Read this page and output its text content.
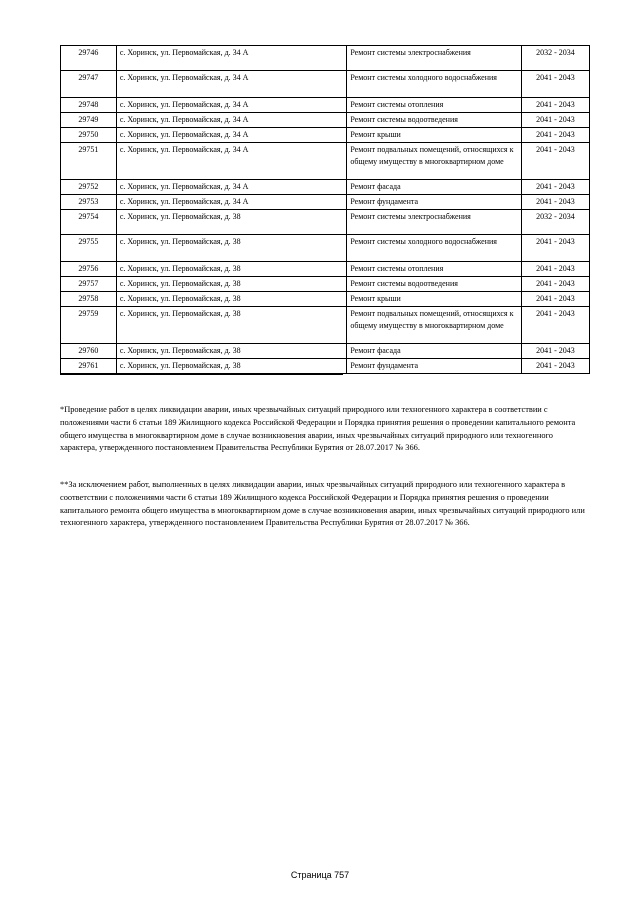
29746	с. Хоринск, ул. Первомайская, д. 34 А	Ремонт системы электроснабжения	2032 - 2034
29747	с. Хоринск, ул. Первомайская, д. 34 А	Ремонт системы холодного водоснабжения	2041 - 2043
29748	с. Хоринск, ул. Первомайская, д. 34 А	Ремонт системы отопления	2041 - 2043
29749	с. Хоринск, ул. Первомайская, д. 34 А	Ремонт системы водоотведения	2041 - 2043
29750	с. Хоринск, ул. Первомайская, д. 34 А	Ремонт крыши	2041 - 2043
29751	с. Хоринск, ул. Первомайская, д. 34 А	Ремонт подвальных помещений, относящихся к общему имуществу в многоквартирном доме	2041 - 2043
29752	с. Хоринск, ул. Первомайская, д. 34 А	Ремонт фасада	2041 - 2043
29753	с. Хоринск, ул. Первомайская, д. 34 А	Ремонт фундамента	2041 - 2043
29754	с. Хоринск, ул. Первомайская, д. 38	Ремонт системы электроснабжения	2032 - 2034
29755	с. Хоринск, ул. Первомайская, д. 38	Ремонт системы холодного водоснабжения	2041 - 2043
29756	с. Хоринск, ул. Первомайская, д. 38	Ремонт системы отопления	2041 - 2043
29757	с. Хоринск, ул. Первомайская, д. 38	Ремонт системы водоотведения	2041 - 2043
29758	с. Хоринск, ул. Первомайская, д. 38	Ремонт крыши	2041 - 2043
29759	с. Хоринск, ул. Первомайская, д. 38	Ремонт подвальных помещений, относящихся к общему имуществу в многоквартирном доме	2041 - 2043
29760	с. Хоринск, ул. Первомайская, д. 38	Ремонт фасада	2041 - 2043
29761	с. Хоринск, ул. Первомайская, д. 38	Ремонт фундамента	2041 - 2043

*Проведение работ в целях ликвидации аварии, иных чрезвычайных ситуаций природного или техногенного характера в соответствии с положениями части 6 статьи 189 Жилищного кодекса Российской Федерации и Порядка принятия решения о проведении капитального ремонта общего имущества в многоквартирном доме в случае возникновения аварии, иных чрезвычайных ситуаций природного или техногенного характера, утвержденного постановлением Правительства Республики Бурятия от 28.07.2017 № 366.

**За исключением работ, выполненных в целях ликвидации аварии, иных чрезвычайных ситуаций природного или техногенного характера в соответствии с положениями части 6 статьи 189 Жилищного кодекса Российской Федерации и Порядка принятия решения о проведении капитального ремонта общего имущества в многоквартирном доме в случае возникновения аварии, иных чрезвычайных ситуаций природного или техногенного характера, утвержденного постановлением Правительства Республики Бурятия от 28.07.2017 № 366.

Страница 757
